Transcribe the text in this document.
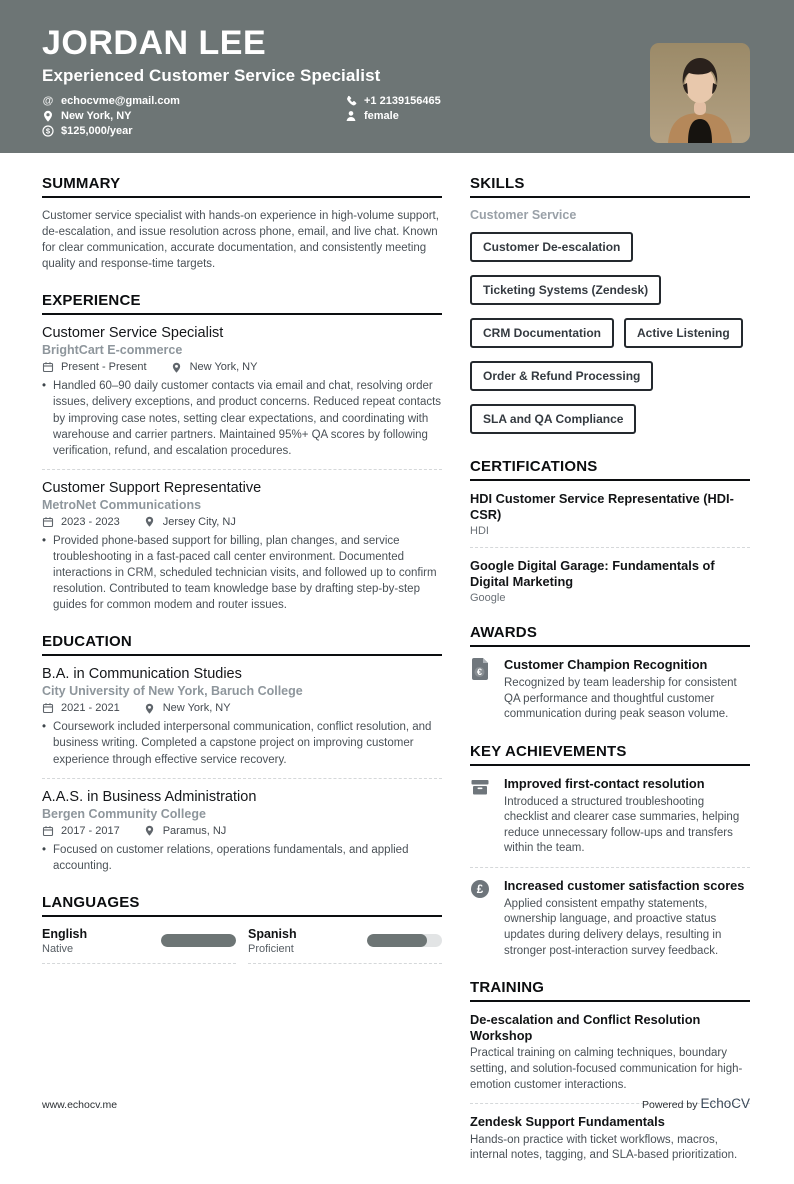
JORDAN LEE
Experienced Customer Service Specialist
@ echocvme@gmail.com
New York, NY
$ $125,000/year
+1 2139156465
female
SUMMARY
Customer service specialist with hands-on experience in high-volume support, de-escalation, and issue resolution across phone, email, and live chat. Known for clear communication, accurate documentation, and consistently meeting quality and response-time targets.
EXPERIENCE
Customer Service Specialist
BrightCart E-commerce
Present - Present	New York, NY
• Handled 60–90 daily customer contacts via email and chat, resolving order issues, delivery exceptions, and product concerns. Reduced repeat contacts by improving case notes, setting clear expectations, and coordinating with warehouse and carrier partners. Maintained 95%+ QA scores by following verification, refund, and escalation procedures.
Customer Support Representative
MetroNet Communications
2023 - 2023	Jersey City, NJ
• Provided phone-based support for billing, plan changes, and service troubleshooting in a fast-paced call center environment. Documented interactions in CRM, scheduled technician visits, and followed up to confirm resolution. Contributed to team knowledge base by drafting step-by-step guides for common modem and router issues.
EDUCATION
B.A. in Communication Studies
City University of New York, Baruch College
2021 - 2021	New York, NY
• Coursework included interpersonal communication, conflict resolution, and business writing. Completed a capstone project on improving customer experience through effective service recovery.
A.A.S. in Business Administration
Bergen Community College
2017 - 2017	Paramus, NJ
• Focused on customer relations, operations fundamentals, and applied accounting.
LANGUAGES
English
Native
Spanish
Proficient
SKILLS
Customer Service
Customer De-escalation
Ticketing Systems (Zendesk)
CRM Documentation	Active Listening
Order & Refund Processing
SLA and QA Compliance
CERTIFICATIONS
HDI Customer Service Representative (HDI-CSR)
HDI
Google Digital Garage: Fundamentals of Digital Marketing
Google
AWARDS
€
Customer Champion Recognition
Recognized by team leadership for consistent QA performance and thoughtful customer communication during peak season volume.
KEY ACHIEVEMENTS
Improved first-contact resolution
Introduced a structured troubleshooting checklist and clearer case summaries, helping reduce unnecessary follow-ups and transfers within the team.
£ Increased customer satisfaction scores
Applied consistent empathy statements, ownership language, and proactive status updates during delivery delays, resulting in stronger post-interaction survey feedback.
TRAINING
De-escalation and Conflict Resolution Workshop
Practical training on calming techniques, boundary setting, and solution-focused communication for high-emotion customer interactions.
Zendesk Support Fundamentals
Hands-on practice with ticket workflows, macros, internal notes, tagging, and SLA-based prioritization.
www.echocv.me	Powered by EchoCV
